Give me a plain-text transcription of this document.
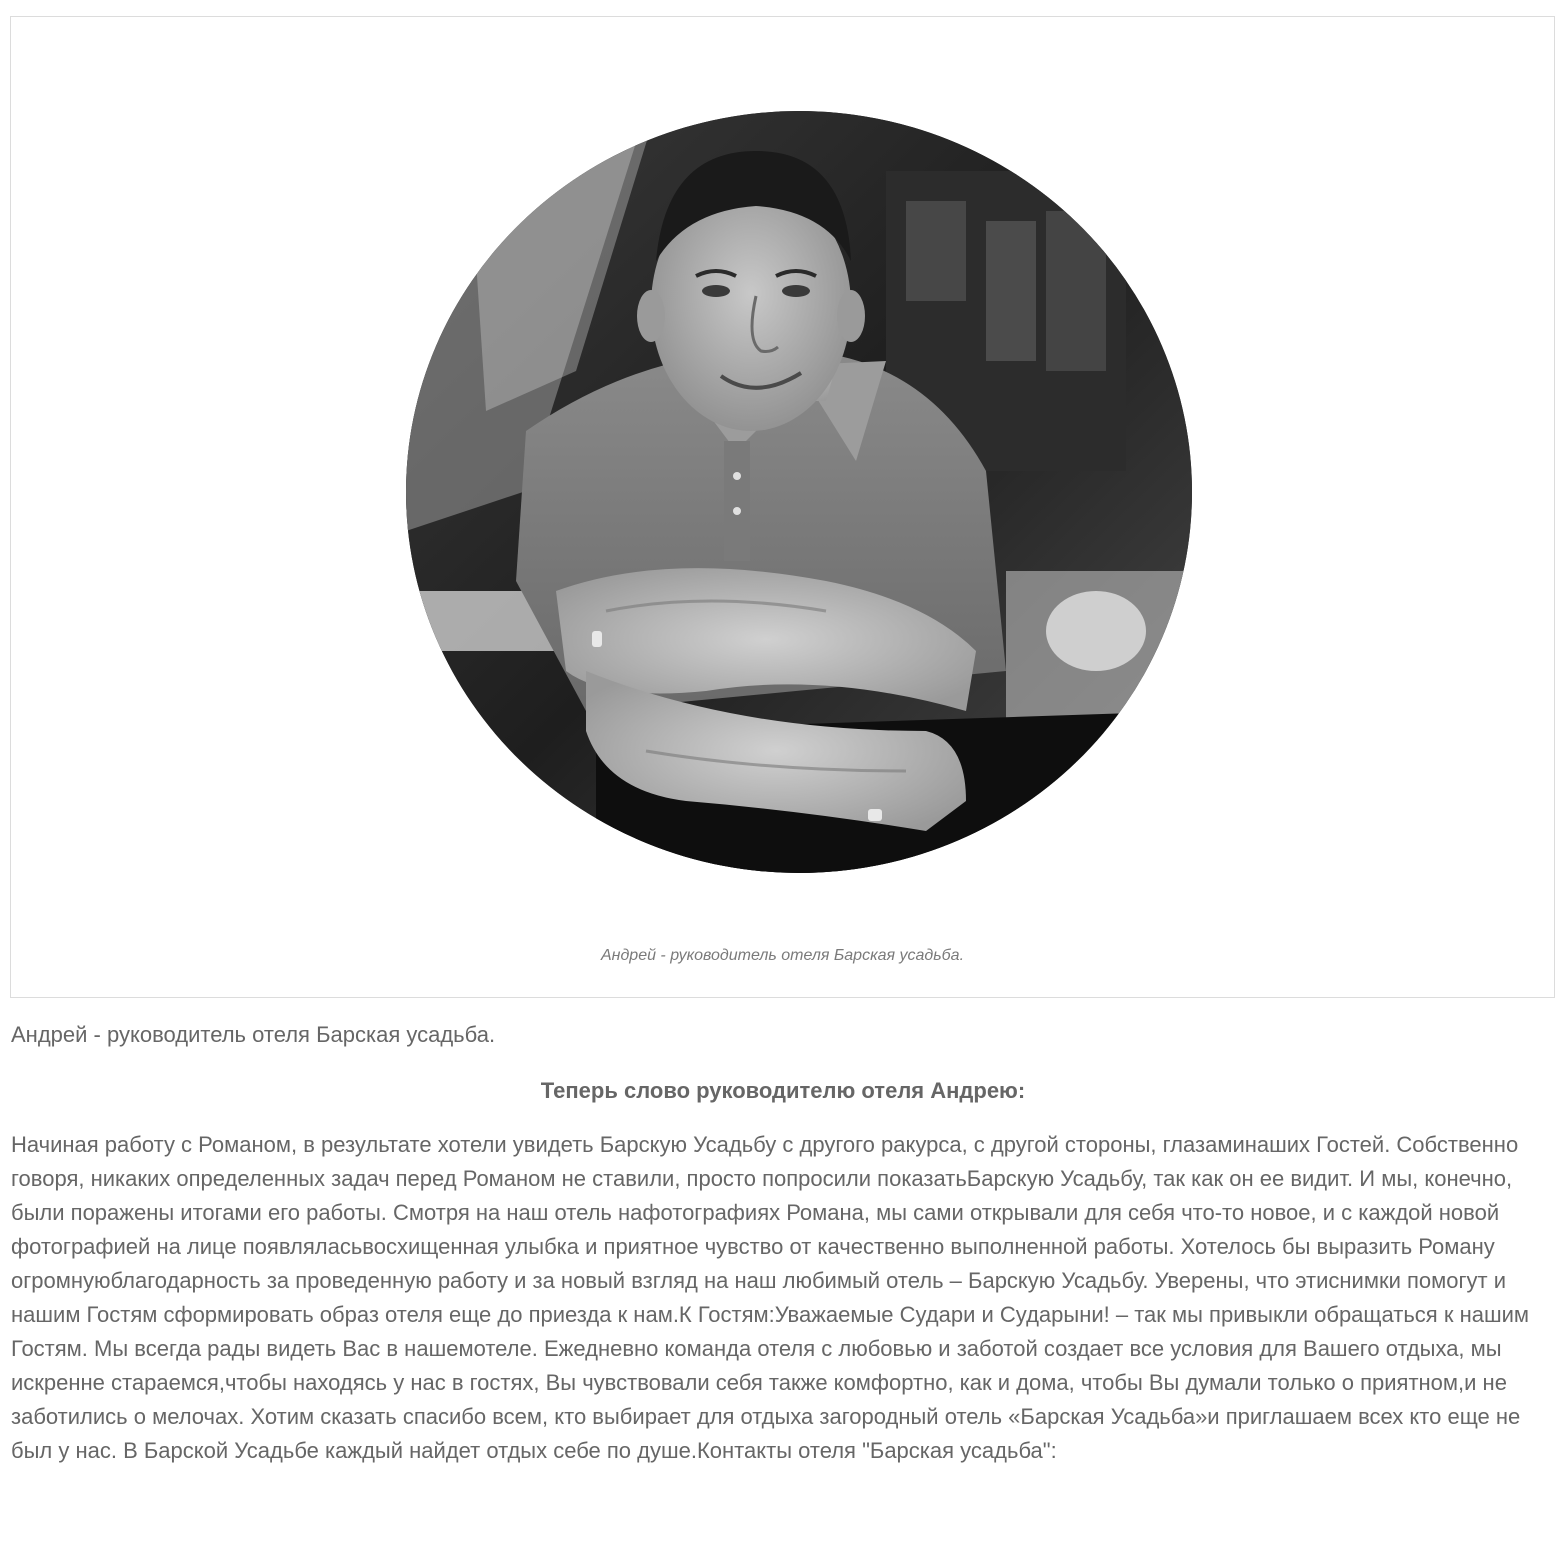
Андрей - руководитель отеля Барская усадьба.

Андрей - руководитель отеля Барская усадьба.

Теперь слово руководителю отеля Андрею:

Начиная работу с Романом, в результате хотели увидеть Барскую Усадьбу с другого ракурса, с другой стороны, глазаминаших Гостей. Собственно говоря, никаких определенных задач перед Романом не ставили, просто попросили показатьБарскую Усадьбу, так как он ее видит. И мы, конечно, были поражены итогами его работы. Смотря на наш отель нафотографиях Романа, мы сами открывали для себя что-то новое, и с каждой новой фотографией на лице появляласьвосхищенная улыбка и приятное чувство от качественно выполненной работы. Хотелось бы выразить Роману огромнуюблагодарность за проведенную работу и за новый взгляд на наш любимый отель – Барскую Усадьбу. Уверены, что этиснимки помогут и нашим Гостям сформировать образ отеля еще до приезда к нам.К Гостям:Уважаемые Судари и Сударыни! – так мы привыкли обращаться к нашим Гостям. Мы всегда рады видеть Вас в нашемотеле. Ежедневно команда отеля с любовью и заботой создает все условия для Вашего отдыха, мы искренне стараемся,чтобы находясь у нас в гостях, Вы чувствовали себя также комфортно, как и дома, чтобы Вы думали только о приятном,и не заботились о мелочах. Хотим сказать спасибо всем, кто выбирает для отдыха загородный отель «Барская Усадьба»и приглашаем всех кто еще не был у нас. В Барской Усадьбе каждый найдет отдых себе по душе.Контакты отеля "Барская усадьба":
